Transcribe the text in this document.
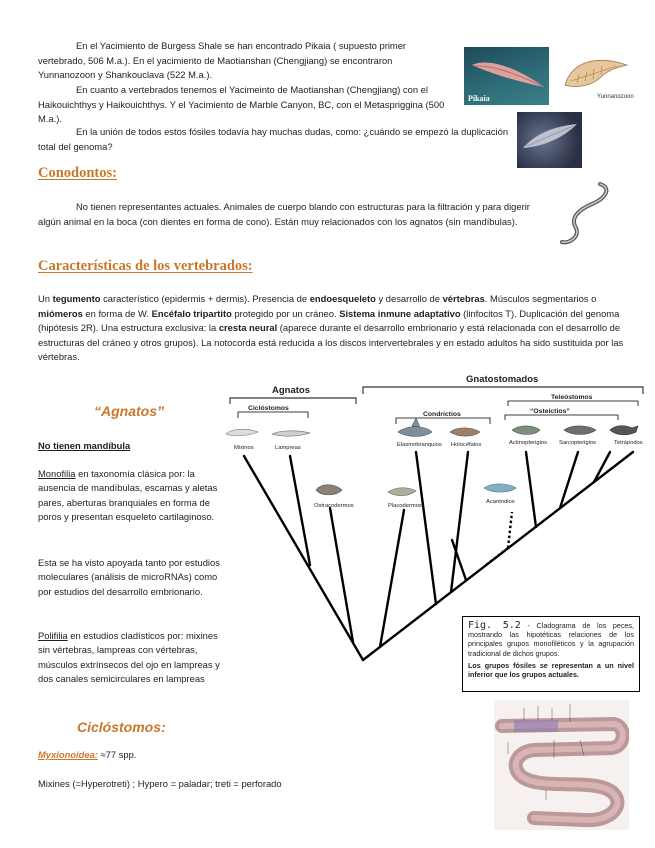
En el Yacimiento de Burgess Shale se han encontrado Pikaia ( supuesto primer vertebrado, 506 M.a.). En el yacimiento de Maotianshan (Chengjiang) se encontraron Yunnanozoon y Shankouclava (522 M.a.).
En cuanto a vertebrados tenemos el Yacimeinto de Maotianshan (Chengjiang) con el Haikouichthys y Haikouichthys. Y el Yacimiento de Marble Canyon, BC, con el Metaspriggina (500 M.a.).
En la unión de todos estos fósiles todavía hay muchas dudas, como: ¿cuándo se empezó la duplicación total del genoma?
Pikaia	Yunnanozoon
Conodontos:
No tienen representantes actuales. Animales de cuerpo blando con estructuras para la filtración y para digerir algún animal en la boca (con dientes en forma de cono). Están muy relacionados con los agnatos (sin mandíbulas).
Características de los vertebrados:
Un tegumento característico (epidermis + dermis). Presencia de endoesqueleto y desarrollo de vértebras. Músculos segmentarios o miómeros en forma de W. Encéfalo tripartito protegido por un cráneo. Sistema inmune adaptativo (linfocitos T). Duplicación del genoma (hipótesis 2R). Una estructura exclusiva: la cresta neural (aparece durante el desarrollo embrionario y está relacionada con el desarrollo de estructuras del cráneo y otros grupos). La notocorda está reducida a los discos intervertebrales y en estado adultos ha sido sustituida por las vértebras.
“Agnatos”
No tienen mandíbula
Monofilia en taxonomía clásica por: la ausencia de mandíbulas, escamas y aletas pares, aberturas branquiales en forma de poros y presentan esqueleto cartilaginoso.
Esta se ha visto apoyada tanto por estudios moleculares (análisis de microRNAs) como por estudios del desarrollo embrionario.
Polifilia en estudios cladísticos por: mixines sin vértebras, lampreas con vértebras, músculos extrínsecos del ojo en lampreas y dos canales semicirculares en lampreas
Ciclóstomos:
Myxionoidea: ≈77 spp.
Mixines (=Hyperotreti) ; Hypero = paladar; treti = perforado
Agnatos
Gnatostomados
Ciclóstomos
Condrictios
Teleóstomos
“Osteictios”
Mixinos	Lampreas
Ostracodermos	Placodermos
Elasmobranquios Holocéfalos
Acantodios
Actinopterigios Sarcopterigios	Tetrápodos
Fig. 5.2 - Cladograma de los peces, mostrando las hipotéticas relaciones de los principales grupos monofiléticos y la agrupación tradicional de dichos grupos.
Los grupos fósiles se representan a un nivel inferior que los grupos actuales.
